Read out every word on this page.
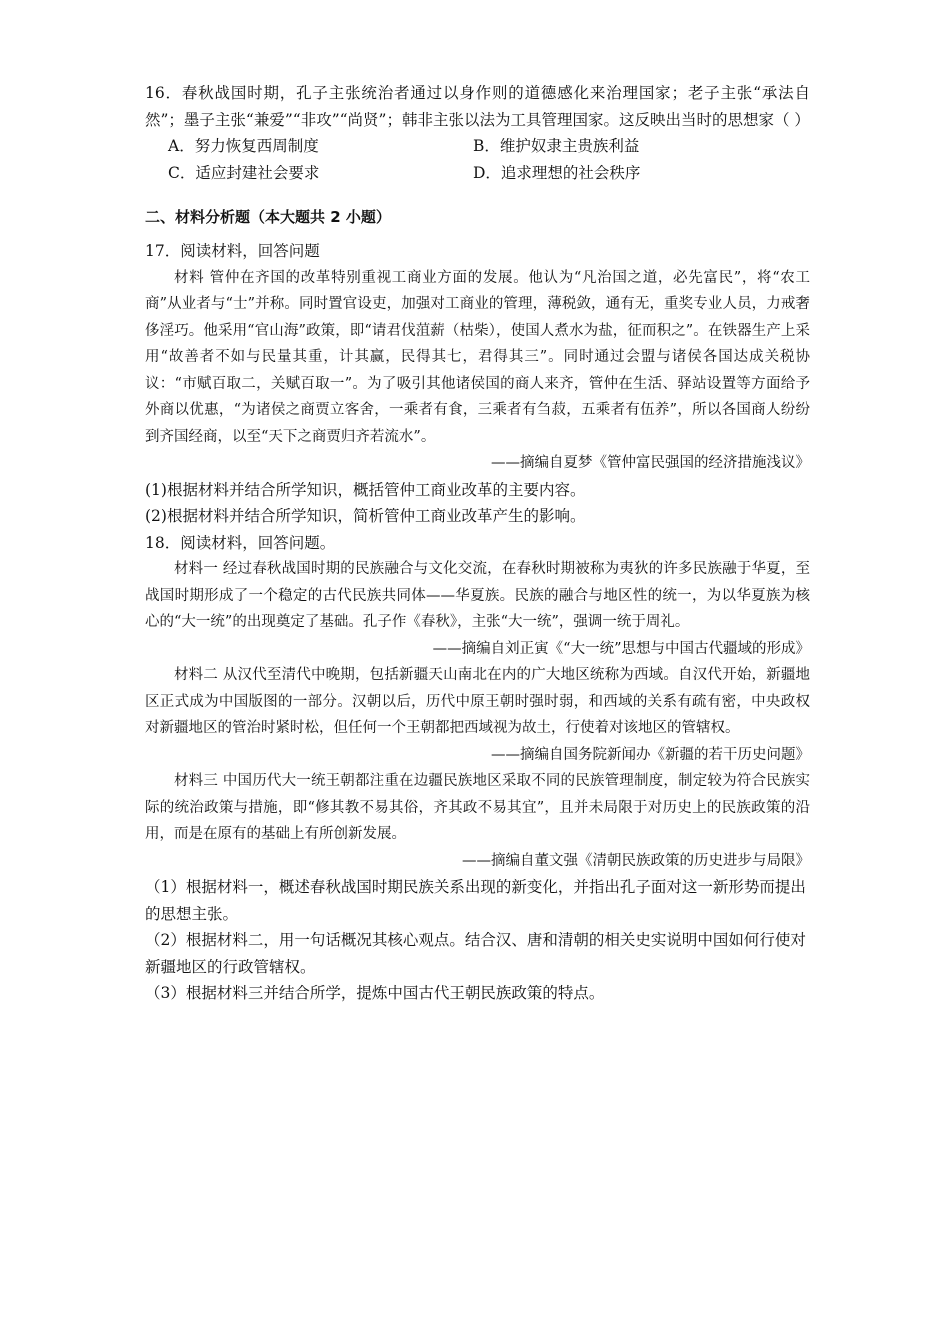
16．春秋战国时期，孔子主张统治者通过以身作则的道德感化来治理国家；老子主张“承法自然”；墨子主张“兼爱”“非攻”“尚贤”；韩非主张以法为工具管理国家。这反映出当时的思想家（ ）

A．努力恢复西周制度	B．维护奴隶主贵族利益
C．适应封建社会要求	D．追求理想的社会秩序
二、材料分析题（本大题共 2 小题）

17．阅读材料，回答问题

材料 管仲在齐国的改革特别重视工商业方面的发展。他认为“凡治国之道，必先富民”，将“农工商”从业者与“士”并称。同时置官设吏，加强对工商业的管理，薄税敛，通有无，重奖专业人员，力戒奢侈淫巧。他采用“官山海”政策，即“请君伐菹薪（枯柴），使国人煮水为盐，征而积之”。在铁器生产上采用“故善者不如与民量其重，计其赢，民得其七，君得其三”。同时通过会盟与诸侯各国达成关税协议：“市赋百取二，关赋百取一”。为了吸引其他诸侯国的商人来齐，管仲在生活、驿站设置等方面给予外商以优惠，“为诸侯之商贾立客舍，一乘者有食，三乘者有刍菽，五乘者有伍养”，所以各国商人纷纷到齐国经商，以至“天下之商贾归齐若流水”。

——摘编自夏梦《管仲富民强国的经济措施浅议》

(1)根据材料并结合所学知识，概括管仲工商业改革的主要内容。

(2)根据材料并结合所学知识，简析管仲工商业改革产生的影响。

18．阅读材料，回答问题。

材料一 经过春秋战国时期的民族融合与文化交流，在春秋时期被称为夷狄的许多民族融于华夏，至战国时期形成了一个稳定的古代民族共同体——华夏族。民族的融合与地区性的统一，为以华夏族为核心的“大一统”的出现奠定了基础。孔子作《春秋》，主张“大一统”，强调一统于周礼。

——摘编自刘正寅《“大一统”思想与中国古代疆域的形成》

材料二 从汉代至清代中晚期，包括新疆天山南北在内的广大地区统称为西域。自汉代开始，新疆地区正式成为中国版图的一部分。汉朝以后，历代中原王朝时强时弱，和西域的关系有疏有密，中央政权对新疆地区的管治时紧时松，但任何一个王朝都把西域视为故土，行使着对该地区的管辖权。

——摘编自国务院新闻办《新疆的若干历史问题》

材料三 中国历代大一统王朝都注重在边疆民族地区采取不同的民族管理制度，制定较为符合民族实际的统治政策与措施，即“修其教不易其俗，齐其政不易其宜”，且并未局限于对历史上的民族政策的沿用，而是在原有的基础上有所创新发展。

——摘编自董文强《清朝民族政策的历史进步与局限》

（1）根据材料一，概述春秋战国时期民族关系出现的新变化，并指出孔子面对这一新形势而提出的思想主张。

（2）根据材料二，用一句话概况其核心观点。结合汉、唐和清朝的相关史实说明中国如何行使对新疆地区的行政管辖权。

（3）根据材料三并结合所学，提炼中国古代王朝民族政策的特点。
